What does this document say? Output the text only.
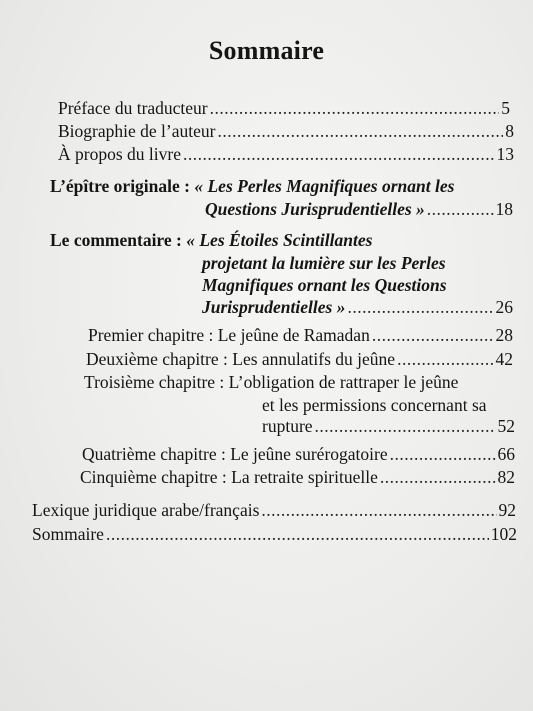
Sommaire
Préface du traducteur .....	5
Biographie de l’auteur .....	8
À propos du livre .....	13
L’épître originale : « Les Perles Magnifiques ornant les
Questions Jurisprudentielles » .....	18
Le commentaire : « Les Étoiles Scintillantes
projetant la lumière sur les Perles
Magnifiques ornant les Questions
Jurisprudentielles » .....	26
Premier chapitre : Le jeûne de Ramadan .....	28
Deuxième chapitre : Les annulatifs du jeûne .....	42
Troisième chapitre : L’obligation de rattraper le jeûne
et les permissions concernant sa
rupture .....	52
Quatrième chapitre : Le jeûne surérogatoire .....	66
Cinquième chapitre : La retraite spirituelle .....	82
Lexique juridique arabe/français .....	92
Sommaire .....	102
